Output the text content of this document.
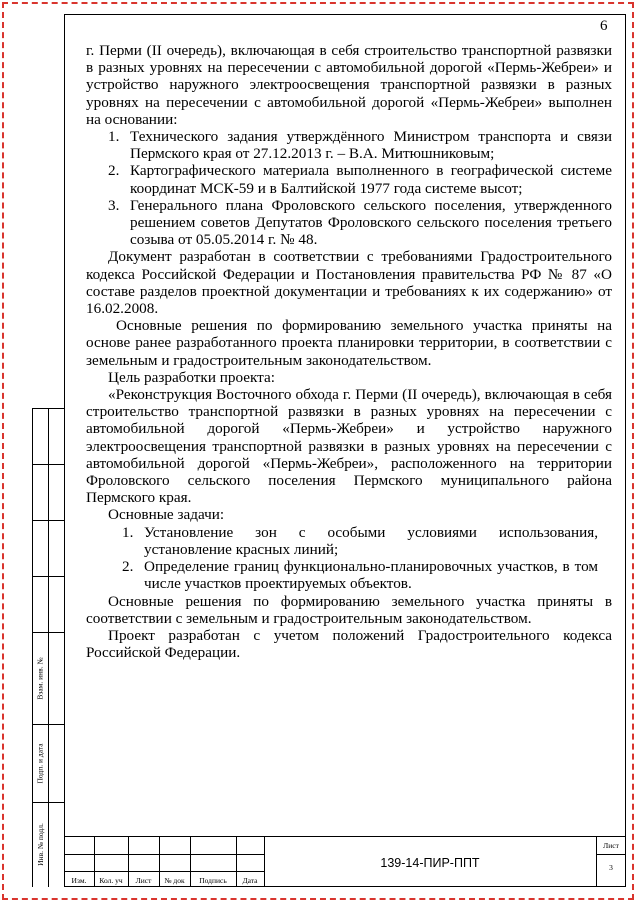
6

г. Перми (II очередь), включающая в себя строительство транспортной развязки в разных уровнях на пересечении с автомобильной дорогой «Пермь-Жебреи» и устройство наружного электроосвещения транспортной развязки в разных уровнях на пересечении с автомобильной дорогой «Пермь-Жебреи» выполнен на основании:

1. Технического задания утверждённого Министром транспорта и связи Пермского края от 27.12.2013 г. – В.А. Митюшниковым;
2. Картографического материала выполненного в географической системе координат МСК-59 и в Балтийской 1977 года системе высот;
3. Генерального плана Фроловского сельского поселения, утвержденного решением советов Депутатов Фроловского сельского поселения третьего созыва от 05.05.2014 г. № 48.

Документ разработан в соответствии с требованиями Градостроительного кодекса Российской Федерации и Постановления правительства РФ № 87 «О составе разделов проектной документации и требованиях к их содержанию» от 16.02.2008.

Основные решения по формированию земельного участка приняты на основе ранее разработанного проекта планировки территории, в соответствии с земельным и градостроительным законодательством.

Цель разработки проекта:

«Реконструкция Восточного обхода г. Перми (II очередь), включающая в себя строительство транспортной развязки в разных уровнях на пересечении с автомобильной дорогой «Пермь-Жебреи» и устройство наружного электроосвещения транспортной развязки в разных уровнях на пересечении с автомобильной дорогой «Пермь-Жебреи», расположенного на территории Фроловского сельского поселения Пермского муниципального района Пермского края.

Основные задачи:

1. Установление зон с особыми условиями использования, установление красных линий;
2. Определение границ функционально-планировочных участков, в том числе участков проектируемых объектов.

Основные решения по формированию земельного участка приняты в соответствии с земельным и градостроительным законодательством.

Проект разработан с учетом положений Градостроительного кодекса Российской Федерации.

Взам. инв. №
Подп. и дата
Инв. № подл.
Изм.	Кол. уч	Лист	№ док	Подпись	Дата
139-14-ПИР-ППТ
Лист
3
